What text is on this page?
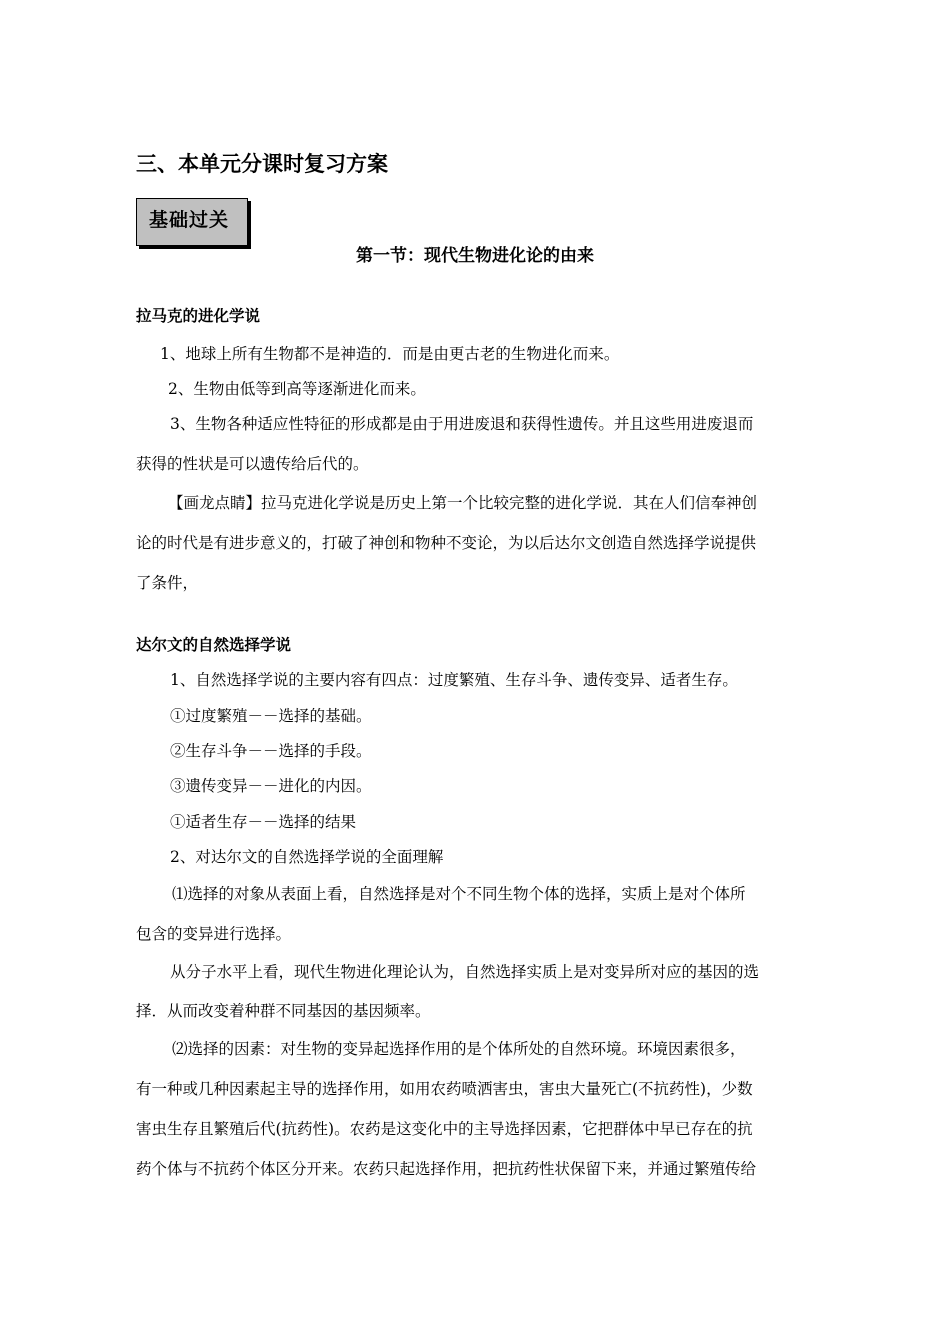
三、本单元分课时复习方案
基础过关
第一节：现代生物进化论的由来
拉马克的进化学说
1、地球上所有生物都不是神造的．而是由更古老的生物进化而来。
2、生物由低等到高等逐渐进化而来。
3、生物各种适应性特征的形成都是由于用进废退和获得性遗传。并且这些用进废退而
获得的性状是可以遗传给后代的。
【画龙点睛】拉马克进化学说是历史上第一个比较完整的进化学说．其在人们信奉神创
论的时代是有进步意义的，打破了神创和物种不变论，为以后达尔文创造自然选择学说提供
了条件，
达尔文的自然选择学说
1、自然选择学说的主要内容有四点：过度繁殖、生存斗争、遗传变异、适者生存。
①过度繁殖－－选择的基础。
②生存斗争－－选择的手段。
③遗传变异－－进化的内因。
①适者生存－－选择的结果
2、对达尔文的自然选择学说的全面理解
⑴选择的对象从表面上看，自然选择是对个不同生物个体的选择，实质上是对个体所
包含的变异进行选择。
从分子水平上看，现代生物进化理论认为，自然选择实质上是对变异所对应的基因的选
择．从而改变着种群不同基因的基因频率。
⑵选择的因素：对生物的变异起选择作用的是个体所处的自然环境。环境因素很多，
有一种或几种因素起主导的选择作用，如用农药喷洒害虫，害虫大量死亡(不抗药性)，少数
害虫生存且繁殖后代(抗药性)。农药是这变化中的主导选择因素，它把群体中早已存在的抗
药个体与不抗药个体区分开来。农药只起选择作用，把抗药性状保留下来，并通过繁殖传给
